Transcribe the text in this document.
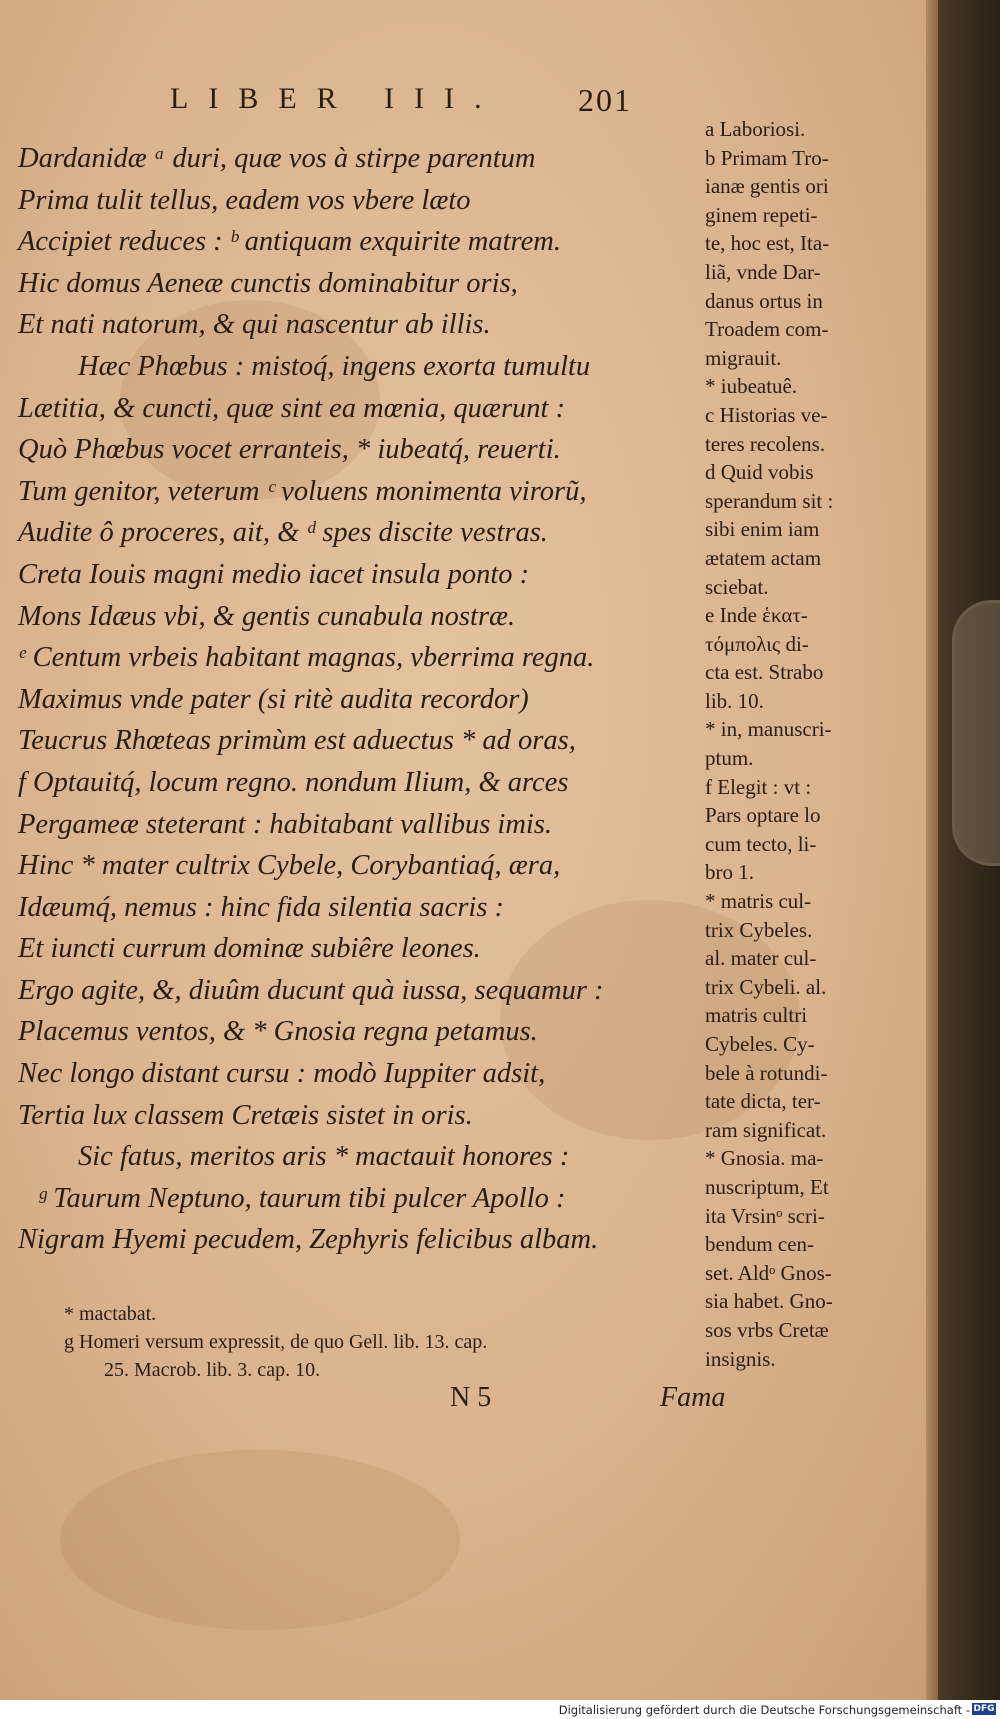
LIBER III. 201
Dardanidæ ᵃ duri, quæ vos à stirpe parentum
Prima tulit tellus, eadem vos vbere læto
Accipiet reduces : ᵇ antiquam exquirite matrem.
Hic domus Aeneæ cunctis dominabitur oris,
Et nati natorum, & qui nascentur ab illis.
Hæc Phœbus : mistoq́, ingens exorta tumultu
Lætitia, & cuncti, quæ sint ea mœnia, quærunt :
Quò Phœbus vocet erranteis, * iubeatq́, reuerti.
Tum genitor, veterum ᶜ voluens monimenta virorũ,
Audite ô proceres, ait, & ᵈ spes discite vestras.
Creta Iouis magni medio iacet insula ponto :
Mons Idæus vbi, & gentis cunabula nostræ.
ᵉ Centum vrbeis habitant magnas, vberrima regna.
Maximus vnde pater (si ritè audita recordor)
Teucrus Rhœteas primùm est aduectus * ad oras,
f Optauitq́, locum regno. nondum Ilium, & arces
Pergameæ steterant : habitabant vallibus imis.
Hinc * mater cultrix Cybele, Corybantiaq́, æra,
Idæumq́, nemus : hinc fida silentia sacris :
Et iuncti currum dominæ subiêre leones.
Ergo agite, &, diuûm ducunt quà iussa, sequamur :
Placemus ventos, & * Gnosia regna petamus.
Nec longo distant cursu : modò Iuppiter adsit,
Tertia lux classem Cretæis sistet in oris.
Sic fatus, meritos aris * mactauit honores :
ᵍ Taurum Neptuno, taurum tibi pulcer Apollo :
Nigram Hyemi pecudem, Zephyris felicibus albam.
* mactabat.
g Homeri versum expressit, de quo Gell. lib. 13. cap.
25. Macrob. lib. 3. cap. 10.
N 5	Fama
a Laboriosi.
b Primam Tro-
ianæ gentis ori
ginem repeti-
te, hoc est, Ita-
liã, vnde Dar-
danus ortus in
Troadem com-
migrauit.
* iubeatuê.
c Historias ve-
teres recolens.
d Quid vobis
sperandum sit :
sibi enim iam
ætatem actam
sciebat.
e Inde ἑκατ-
τόμπολις di-
cta est. Strabo
lib. 10.
* in, manuscri-
ptum.
f Elegit : vt :
Pars optare lo
cum tecto, li-
bro 1.
* matris cul-
trix Cybeles.
al. mater cul-
trix Cybeli. al.
matris cultri
Cybeles. Cy-
bele à rotundi-
tate dicta, ter-
ram significat.
* Gnosia. ma-
nuscriptum, Et
ita Vrsinᵒ scri-
bendum cen-
set. Aldᵒ Gnos-
sia habet. Gno-
sos vrbs Cretæ
insignis.
Digitalisierung gefördert durch die Deutsche Forschungsgemeinschaft - DFG
